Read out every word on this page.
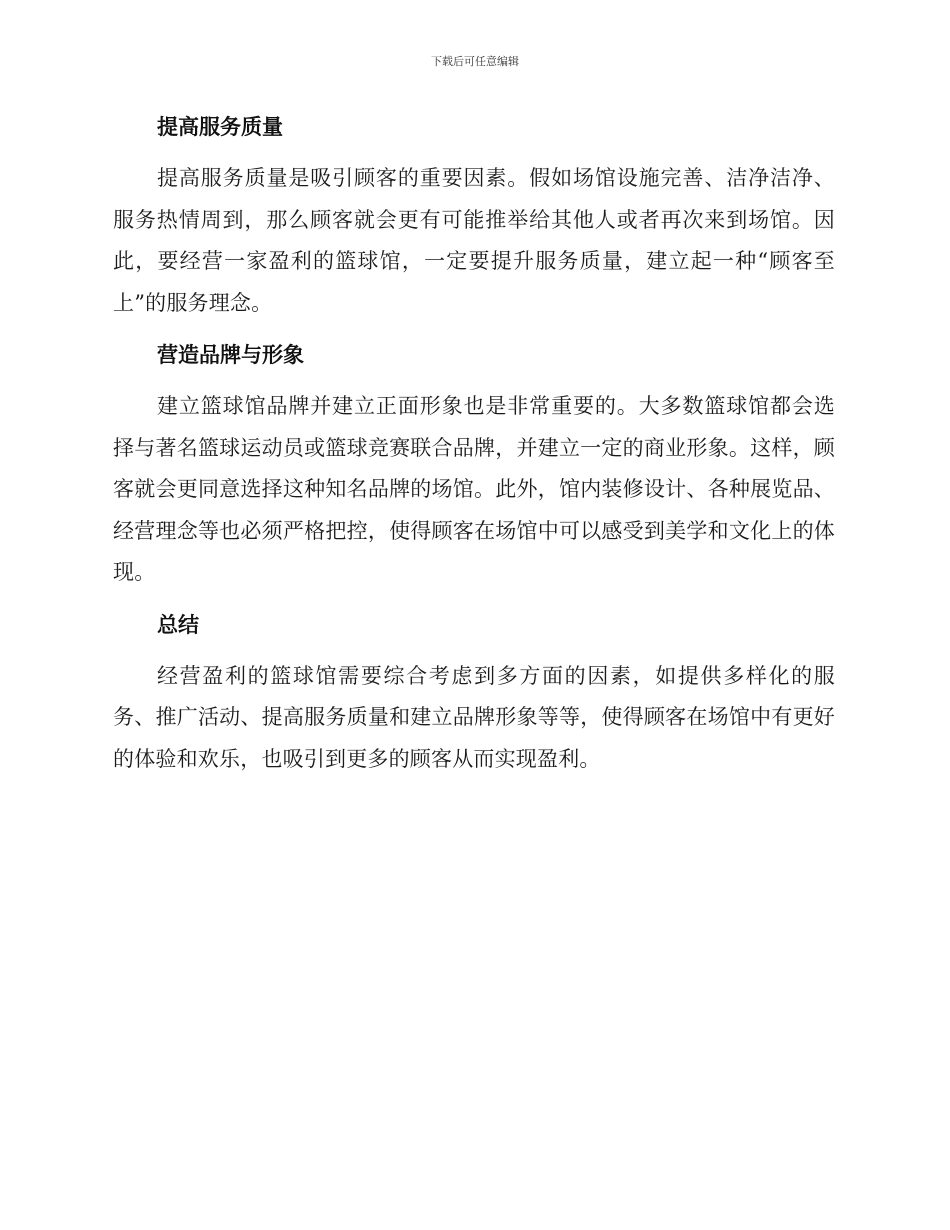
下载后可任意编辑
提高服务质量

提高服务质量是吸引顾客的重要因素。假如场馆设施完善、洁净洁净、服务热情周到，那么顾客就会更有可能推举给其他人或者再次来到场馆。因此，要经营一家盈利的篮球馆，一定要提升服务质量，建立起一种“顾客至上”的服务理念。

营造品牌与形象

建立篮球馆品牌并建立正面形象也是非常重要的。大多数篮球馆都会选择与著名篮球运动员或篮球竞赛联合品牌，并建立一定的商业形象。这样，顾客就会更同意选择这种知名品牌的场馆。此外，馆内装修设计、各种展览品、经营理念等也必须严格把控，使得顾客在场馆中可以感受到美学和文化上的体现。

总结

经营盈利的篮球馆需要综合考虑到多方面的因素，如提供多样化的服务、推广活动、提高服务质量和建立品牌形象等等，使得顾客在场馆中有更好的体验和欢乐，也吸引到更多的顾客从而实现盈利。
